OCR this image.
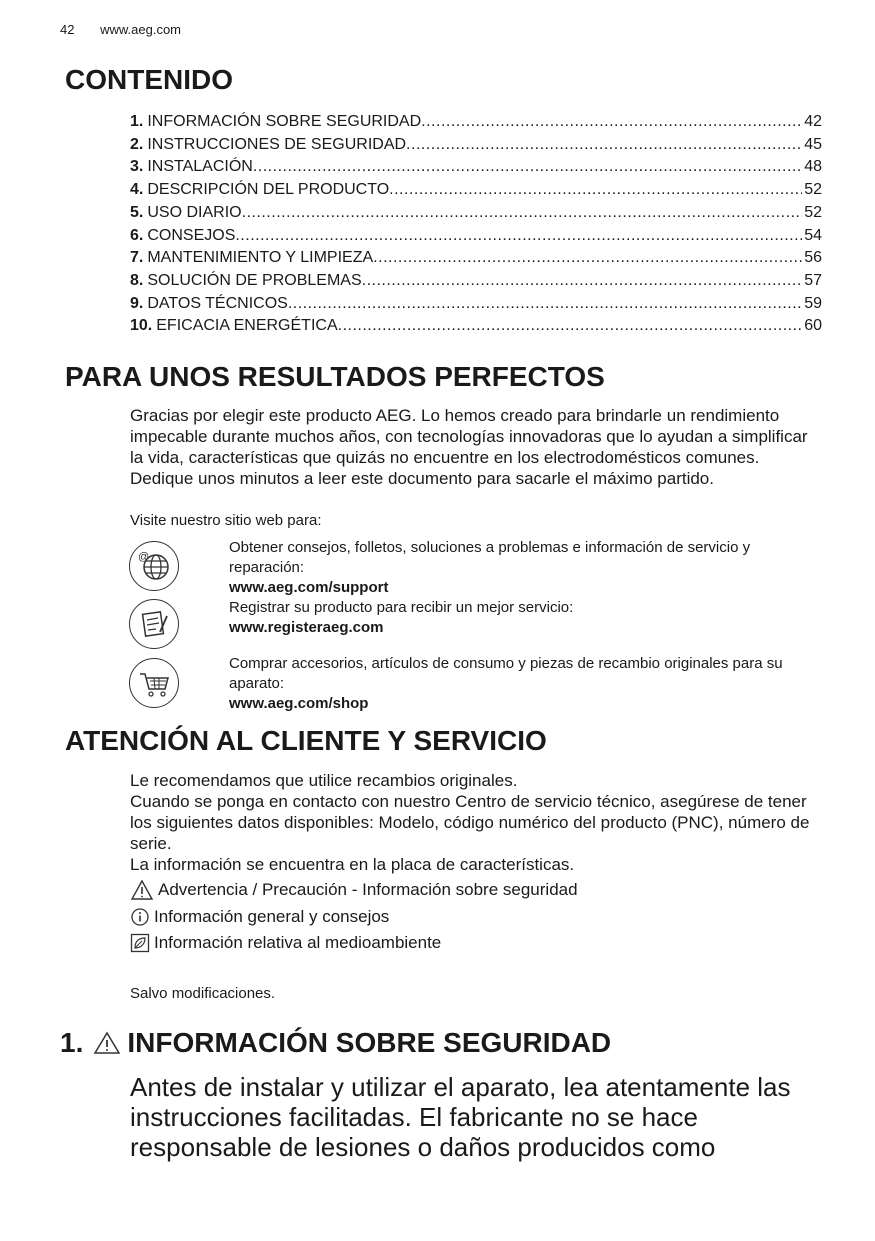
42 www.aeg.com
CONTENIDO
1. INFORMACIÓN SOBRE SEGURIDAD .....	42
2. INSTRUCCIONES DE SEGURIDAD .....	45
3. INSTALACIÓN .....	48
4. DESCRIPCIÓN DEL PRODUCTO .....	52
5. USO DIARIO .....	52
6. CONSEJOS .....	54
7. MANTENIMIENTO Y LIMPIEZA .....	56
8. SOLUCIÓN DE PROBLEMAS .....	57
9. DATOS TÉCNICOS .....	59
10. EFICACIA ENERGÉTICA .....	60
PARA UNOS RESULTADOS PERFECTOS
Gracias por elegir este producto AEG. Lo hemos creado para brindarle un rendimiento impecable durante muchos años, con tecnologías innovadoras que lo ayudan a simplificar la vida, características que quizás no encuentre en los electrodomésticos comunes. Dedique unos minutos a leer este documento para sacarle el máximo partido.
Visite nuestro sitio web para:
@
Obtener consejos, folletos, soluciones a problemas e información de servicio y reparación:
www.aeg.com/support
Registrar su producto para recibir un mejor servicio:
www.registeraeg.com
Comprar accesorios, artículos de consumo y piezas de recambio originales para su aparato:
www.aeg.com/shop
ATENCIÓN AL CLIENTE Y SERVICIO
Le recomendamos que utilice recambios originales.
Cuando se ponga en contacto con nuestro Centro de servicio técnico, asegúrese de tener los siguientes datos disponibles: Modelo, código numérico del producto (PNC), número de serie.
La información se encuentra en la placa de características.
Advertencia / Precaución - Información sobre seguridad
Información general y consejos
Información relativa al medioambiente
Salvo modificaciones.
1. INFORMACIÓN SOBRE SEGURIDAD
Antes de instalar y utilizar el aparato, lea atentamente las instrucciones facilitadas. El fabricante no se hace responsable de lesiones o daños producidos como
